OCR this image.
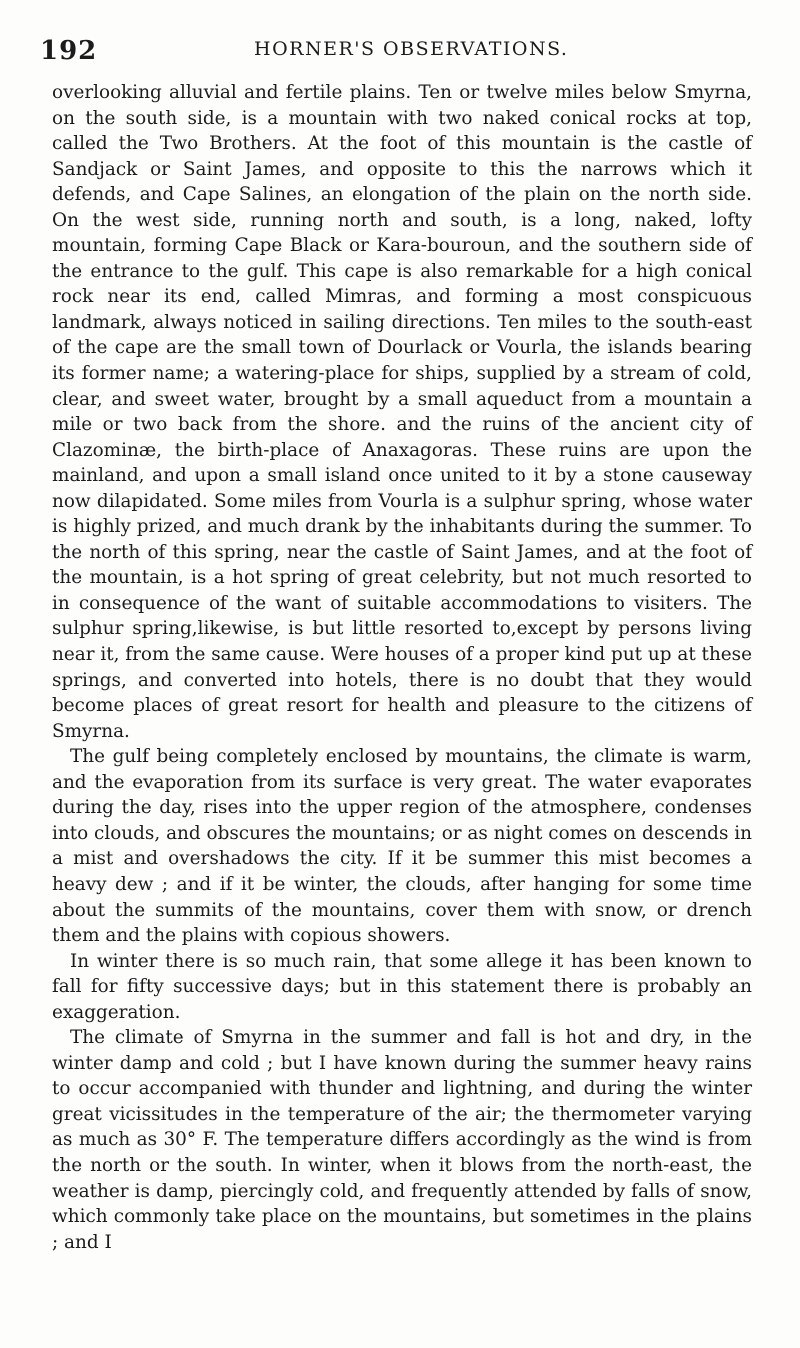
192	HORNER'S OBSERVATIONS.

overlooking alluvial and fertile plains. Ten or twelve miles below Smyrna, on the south side, is a mountain with two naked conical rocks at top, called the Two Brothers. At the foot of this mountain is the castle of Sandjack or Saint James, and opposite to this the narrows which it defends, and Cape Salines, an elongation of the plain on the north side. On the west side, running north and south, is a long, naked, lofty mountain, forming Cape Black or Kara-bouroun, and the southern side of the entrance to the gulf. This cape is also remarkable for a high conical rock near its end, called Mimras, and forming a most conspicuous landmark, always noticed in sailing directions. Ten miles to the south-east of the cape are the small town of Dourlack or Vourla, the islands bearing its former name; a watering-place for ships, supplied by a stream of cold, clear, and sweet water, brought by a small aqueduct from a mountain a mile or two back from the shore. and the ruins of the ancient city of Clazominæ, the birth-place of Anaxagoras. These ruins are upon the mainland, and upon a small island once united to it by a stone causeway now dilapidated. Some miles from Vourla is a sulphur spring, whose water is highly prized, and much drank by the inhabitants during the summer. To the north of this spring, near the castle of Saint James, and at the foot of the mountain, is a hot spring of great celebrity, but not much resorted to in consequence of the want of suitable accommodations to visiters. The sulphur spring,likewise, is but little resorted to,except by persons living near it, from the same cause. Were houses of a proper kind put up at these springs, and converted into hotels, there is no doubt that they would become places of great resort for health and pleasure to the citizens of Smyrna.

The gulf being completely enclosed by mountains, the climate is warm, and the evaporation from its surface is very great. The water evaporates during the day, rises into the upper region of the atmosphere, condenses into clouds, and obscures the mountains; or as night comes on descends in a mist and overshadows the city. If it be summer this mist becomes a heavy dew ; and if it be winter, the clouds, after hanging for some time about the summits of the mountains, cover them with snow, or drench them and the plains with copious showers.

In winter there is so much rain, that some allege it has been known to fall for fifty successive days; but in this statement there is probably an exaggeration.

The climate of Smyrna in the summer and fall is hot and dry, in the winter damp and cold ; but I have known during the summer heavy rains to occur accompanied with thunder and lightning, and during the winter great vicissitudes in the temperature of the air; the thermometer varying as much as 30° F. The temperature differs accordingly as the wind is from the north or the south. In winter, when it blows from the north-east, the weather is damp, piercingly cold, and frequently attended by falls of snow, which commonly take place on the mountains, but sometimes in the plains ; and I
